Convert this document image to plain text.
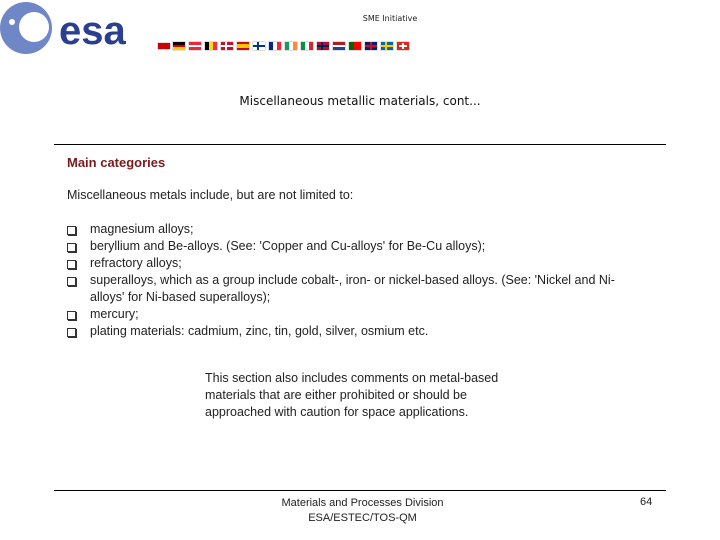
esa	SME Initiative
Miscellaneous metallic materials, cont...
Main categories
Miscellaneous metals include, but are not limited to:
magnesium alloys;
beryllium and Be-alloys. (See: 'Copper and Cu-alloys' for Be-Cu alloys);
refractory alloys;
superalloys, which as a group include cobalt-, iron- or nickel-based alloys. (See: 'Nickel and Ni-alloys' for Ni-based superalloys);
mercury;
plating materials: cadmium, zinc, tin, gold, silver, osmium etc.
This section also includes comments on metal-based materials that are either prohibited or should be approached with caution for space applications.
Materials and Processes Division
ESA/ESTEC/TOS-QM
64
